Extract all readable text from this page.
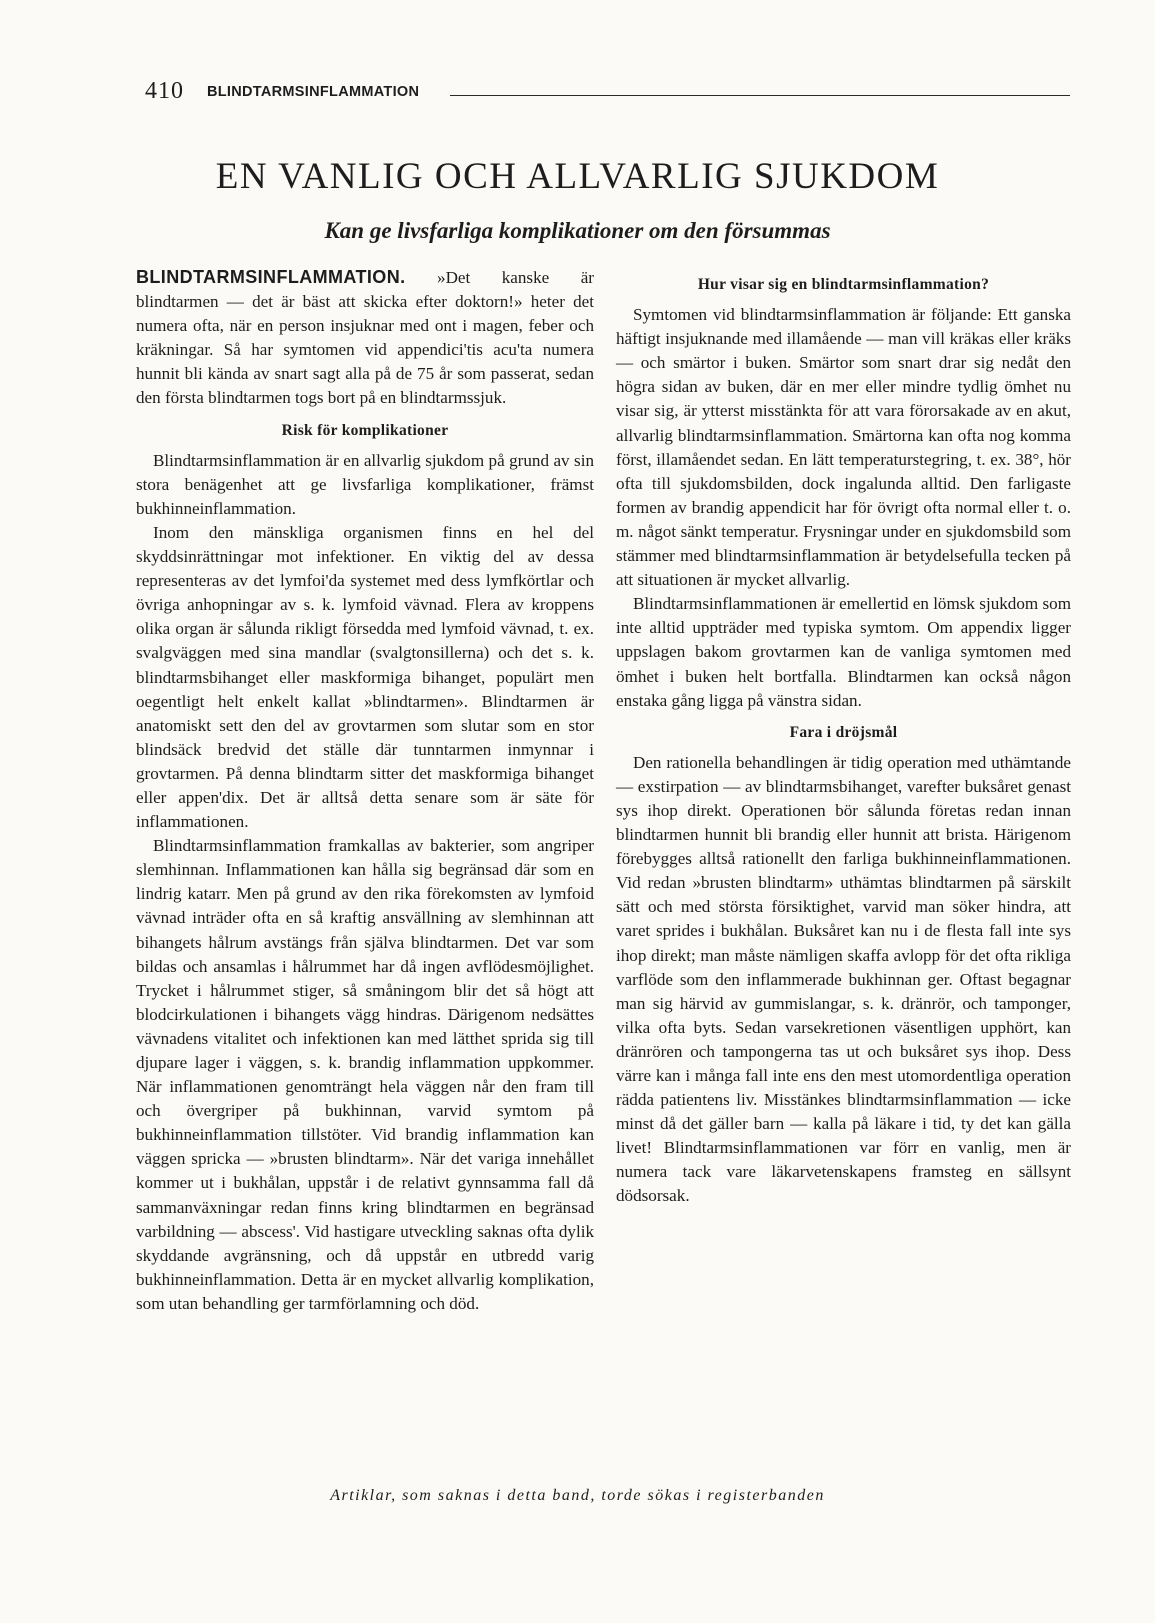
410 BLINDTARMSINFLAMMATION
EN VANLIG OCH ALLVARLIG SJUKDOM
Kan ge livsfarliga komplikationer om den försummas

BLINDTARMSINFLAMMATION. »Det kanske är blindtarmen — det är bäst att skicka efter doktorn!» heter det numera ofta, när en person insjuknar med ont i magen, feber och kräkningar. Så har symtomen vid appendici'tis acu'ta numera hunnit bli kända av snart sagt alla på de 75 år som passerat, sedan den första blindtarmen togs bort på en blindtarmssjuk.

Risk för komplikationer

Blindtarmsinflammation är en allvarlig sjukdom på grund av sin stora benägenhet att ge livsfarliga komplikationer, främst bukhinneinflammation.

Inom den mänskliga organismen finns en hel del skyddsinrättningar mot infektioner. En viktig del av dessa representeras av det lymfoi'da systemet med dess lymfkörtlar och övriga anhopningar av s. k. lymfoid vävnad. Flera av kroppens olika organ är sålunda rikligt försedda med lymfoid vävnad, t. ex. svalgväggen med sina mandlar (svalgtonsillerna) och det s. k. blindtarmsbihanget eller maskformiga bihanget, populärt men oegentligt helt enkelt kallat »blindtarmen». Blindtarmen är anatomiskt sett den del av grovtarmen som slutar som en stor blindsäck bredvid det ställe där tunntarmen inmynnar i grovtarmen. På denna blindtarm sitter det maskformiga bihanget eller appen'dix. Det är alltså detta senare som är säte för inflammationen.

Blindtarmsinflammation framkallas av bakterier, som angriper slemhinnan. Inflammationen kan hålla sig begränsad där som en lindrig katarr. Men på grund av den rika förekomsten av lymfoid vävnad inträder ofta en så kraftig ansvällning av slemhinnan att bihangets hålrum avstängs från själva blindtarmen. Det var som bildas och ansamlas i hålrummet har då ingen avflödesmöjlighet. Trycket i hålrummet stiger, så småningom blir det så högt att blodcirkulationen i bihangets vägg hindras. Därigenom nedsättes vävnadens vitalitet och infektionen kan med lätthet sprida sig till djupare lager i väggen, s. k. brandig inflammation uppkommer. När inflammationen genomträngt hela väggen når den fram till och övergriper på bukhinnan, varvid symtom på bukhinneinflammation tillstöter. Vid brandig inflammation kan väggen spricka — »brusten blindtarm». När det variga innehållet kommer ut i bukhålan, uppstår i de relativt gynnsamma fall då sammanväxningar redan finns kring blindtarmen en begränsad varbildning — abscess'. Vid hastigare utveckling saknas ofta dylik skyddande avgränsning, och då uppstår en utbredd varig bukhinneinflammation. Detta är en mycket allvarlig komplikation, som utan behandling ger tarmförlamning och död.

Hur visar sig en blindtarmsinflammation?

Symtomen vid blindtarmsinflammation är följande: Ett ganska häftigt insjuknande med illamående — man vill kräkas eller kräks — och smärtor i buken. Smärtor som snart drar sig nedåt den högra sidan av buken, där en mer eller mindre tydlig ömhet nu visar sig, är ytterst misstänkta för att vara förorsakade av en akut, allvarlig blindtarmsinflammation. Smärtorna kan ofta nog komma först, illamåendet sedan. En lätt temperaturstegring, t. ex. 38°, hör ofta till sjukdomsbilden, dock ingalunda alltid. Den farligaste formen av brandig appendicit har för övrigt ofta normal eller t. o. m. något sänkt temperatur. Frysningar under en sjukdomsbild som stämmer med blindtarmsinflammation är betydelsefulla tecken på att situationen är mycket allvarlig.

Blindtarmsinflammationen är emellertid en lömsk sjukdom som inte alltid uppträder med typiska symtom. Om appendix ligger uppslagen bakom grovtarmen kan de vanliga symtomen med ömhet i buken helt bortfalla. Blindtarmen kan också någon enstaka gång ligga på vänstra sidan.

Fara i dröjsmål

Den rationella behandlingen är tidig operation med uthämtande — exstirpation — av blindtarmsbihanget, varefter buksåret genast sys ihop direkt. Operationen bör sålunda företas redan innan blindtarmen hunnit bli brandig eller hunnit att brista. Härigenom förebygges alltså rationellt den farliga bukhinneinflammationen. Vid redan »brusten blindtarm» uthämtas blindtarmen på särskilt sätt och med största försiktighet, varvid man söker hindra, att varet sprides i bukhålan. Buksåret kan nu i de flesta fall inte sys ihop direkt; man måste nämligen skaffa avlopp för det ofta rikliga varflöde som den inflammerade bukhinnan ger. Oftast begagnar man sig härvid av gummislangar, s. k. dränrör, och tamponger, vilka ofta byts. Sedan varsekretionen väsentligen upphört, kan dränrören och tampongerna tas ut och buksåret sys ihop. Dess värre kan i många fall inte ens den mest utomordentliga operation rädda patientens liv. Misstänkes blindtarmsinflammation — icke minst då det gäller barn — kalla på läkare i tid, ty det kan gälla livet! Blindtarmsinflammationen var förr en vanlig, men är numera tack vare läkarvetenskapens framsteg en sällsynt dödsorsak.

Artiklar, som saknas i detta band, torde sökas i registerbanden
